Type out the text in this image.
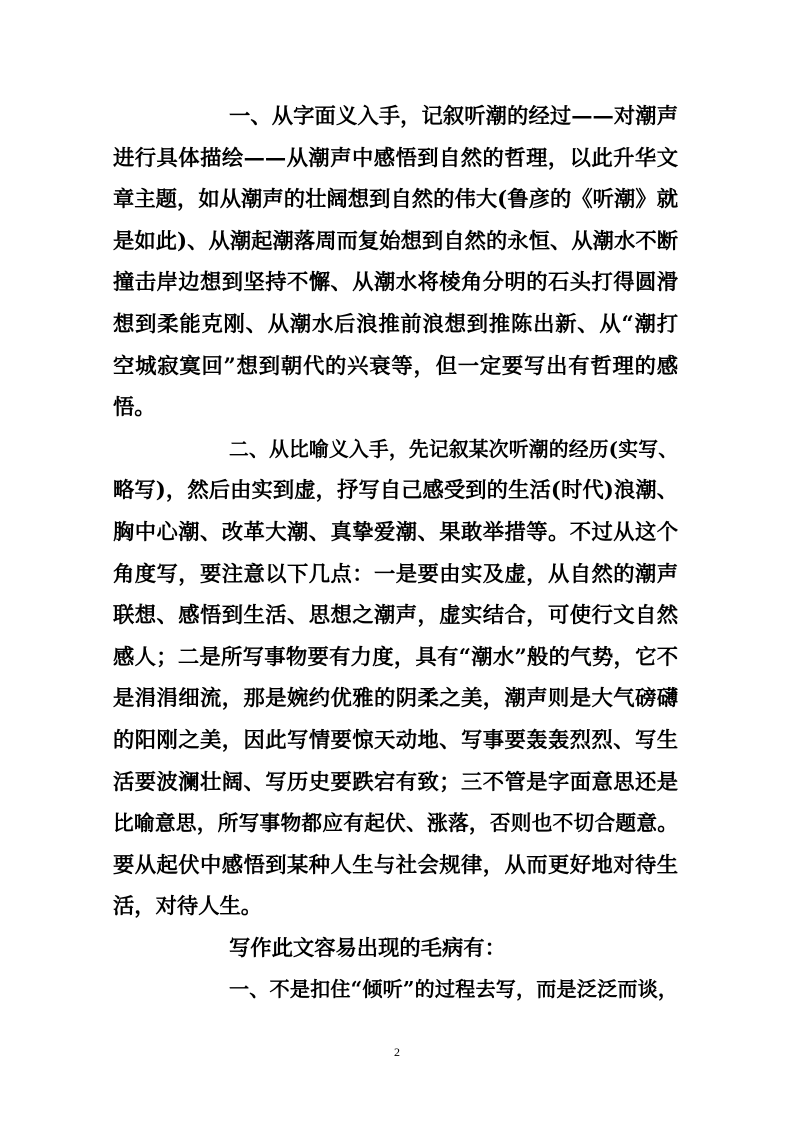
一、从字面义入手，记叙听潮的经过——对潮声
进行具体描绘——从潮声中感悟到自然的哲理，以此升华文
章主题，如从潮声的壮阔想到自然的伟大(鲁彦的《听潮》就
是如此)、从潮起潮落周而复始想到自然的永恒、从潮水不断
撞击岸边想到坚持不懈、从潮水将棱角分明的石头打得圆滑
想到柔能克刚、从潮水后浪推前浪想到推陈出新、从“潮打
空城寂寞回”想到朝代的兴衰等，但一定要写出有哲理的感
悟。
二、从比喻义入手，先记叙某次听潮的经历(实写、
略写)，然后由实到虚，抒写自己感受到的生活(时代)浪潮、
胸中心潮、改革大潮、真挚爱潮、果敢举措等。不过从这个
角度写，要注意以下几点：一是要由实及虚，从自然的潮声
联想、感悟到生活、思想之潮声，虚实结合，可使行文自然
感人；二是所写事物要有力度，具有“潮水”般的气势，它不
是涓涓细流，那是婉约优雅的阴柔之美，潮声则是大气磅礴
的阳刚之美，因此写情要惊天动地、写事要轰轰烈烈、写生
活要波澜壮阔、写历史要跌宕有致；三不管是字面意思还是
比喻意思，所写事物都应有起伏、涨落，否则也不切合题意。
要从起伏中感悟到某种人生与社会规律，从而更好地对待生
活，对待人生。
写作此文容易出现的毛病有：
一、不是扣住“倾听”的过程去写，而是泛泛而谈，
2
